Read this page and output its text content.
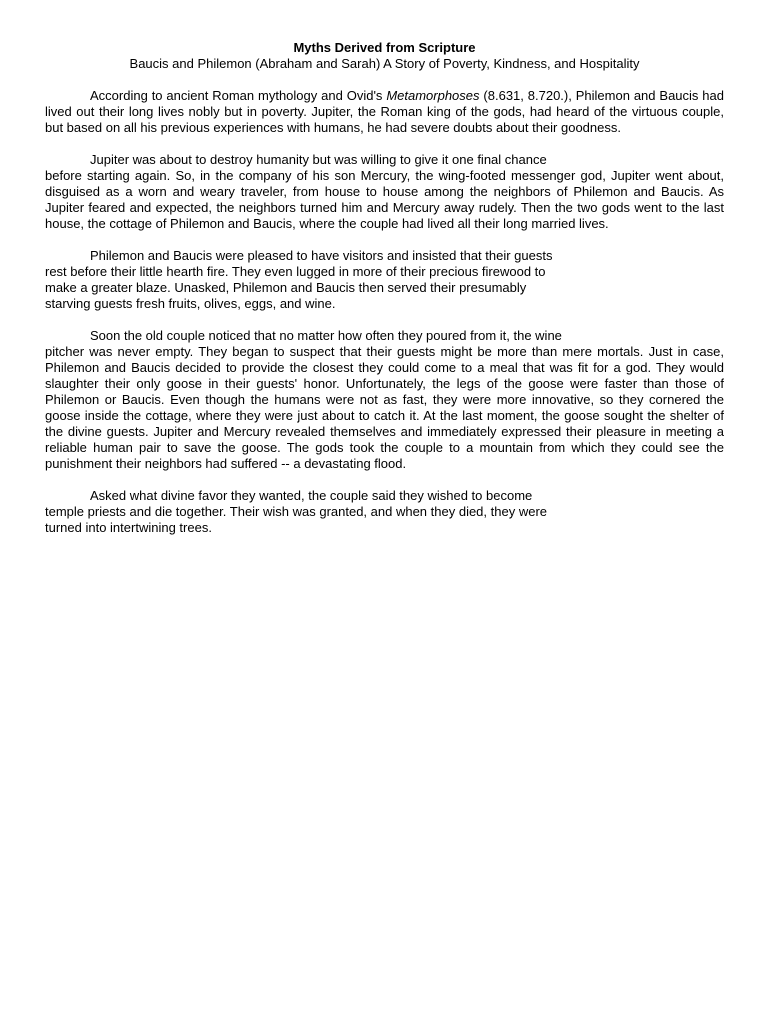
Myths Derived from Scripture

Baucis and Philemon (Abraham and Sarah) A Story of Poverty, Kindness, and Hospitality

According to ancient Roman mythology and Ovid's Metamorphoses (8.631, 8.720.), Philemon and Baucis had lived out their long lives nobly but in poverty. Jupiter, the Roman king of the gods, had heard of the virtuous couple, but based on all his previous experiences with humans, he had severe doubts about their goodness.

Jupiter was about to destroy humanity but was willing to give it one final chance

before starting again. So, in the company of his son Mercury, the wing-footed messenger god, Jupiter went about, disguised as a worn and weary traveler, from house to house among the neighbors of Philemon and Baucis. As Jupiter feared and expected, the neighbors turned him and Mercury away rudely. Then the two gods went to the last house, the cottage of Philemon and Baucis, where the couple had lived all their long married lives.

Philemon and Baucis were pleased to have visitors and insisted that their guests

rest before their little hearth fire. They even lugged in more of their precious firewood to

make a greater blaze. Unasked, Philemon and Baucis then served their presumably

starving guests fresh fruits, olives, eggs, and wine.

Soon the old couple noticed that no matter how often they poured from it, the wine

pitcher was never empty. They began to suspect that their guests might be more than mere mortals. Just in case, Philemon and Baucis decided to provide the closest they could come to a meal that was fit for a god. They would slaughter their only goose in their guests' honor. Unfortunately, the legs of the goose were faster than those of Philemon or Baucis. Even though the humans were not as fast, they were more innovative, so they cornered the goose inside the cottage, where they were just about to catch it. At the last moment, the goose sought the shelter of the divine guests. Jupiter and Mercury revealed themselves and immediately expressed their pleasure in meeting a reliable human pair to save the goose. The gods took the couple to a mountain from which they could see the punishment their neighbors had suffered -- a devastating flood.

Asked what divine favor they wanted, the couple said they wished to become

temple priests and die together. Their wish was granted, and when they died, they were

turned into intertwining trees.
